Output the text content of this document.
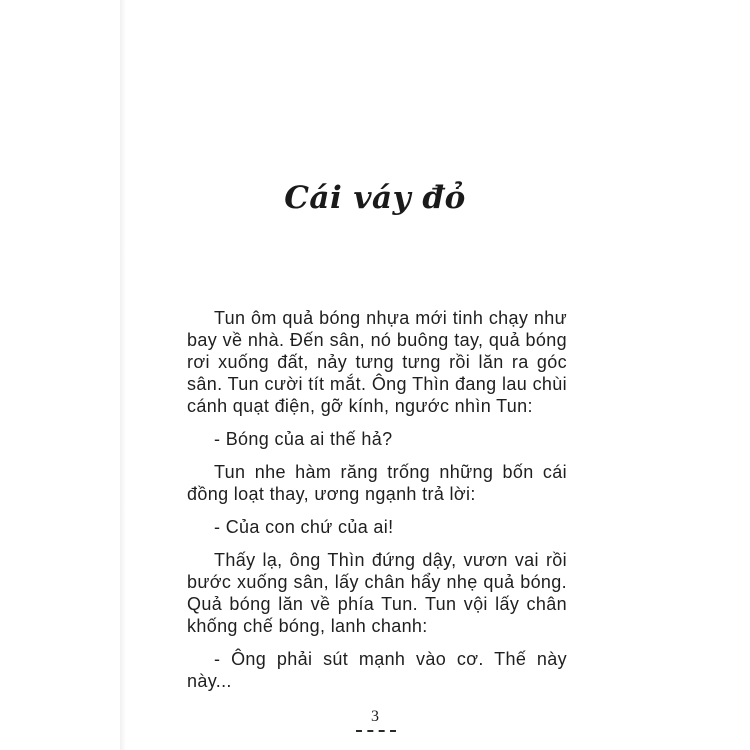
Cái váy đỏ

Tun ôm quả bóng nhựa mới tinh chạy như bay về nhà. Đến sân, nó buông tay, quả bóng rơi xuống đất, nảy tưng tưng rồi lăn ra góc sân. Tun cười tít mắt. Ông Thìn đang lau chùi cánh quạt điện, gỡ kính, ngước nhìn Tun:

- Bóng của ai thế hả?

Tun nhe hàm răng trống những bốn cái đồng loạt thay, ương ngạnh trả lời:

- Của con chứ của ai!

Thấy lạ, ông Thìn đứng dậy, vươn vai rồi bước xuống sân, lấy chân hẩy nhẹ quả bóng. Quả bóng lăn về phía Tun. Tun vội lấy chân khống chế bóng, lanh chanh:

- Ông phải sút mạnh vào cơ. Thế này này...

3
